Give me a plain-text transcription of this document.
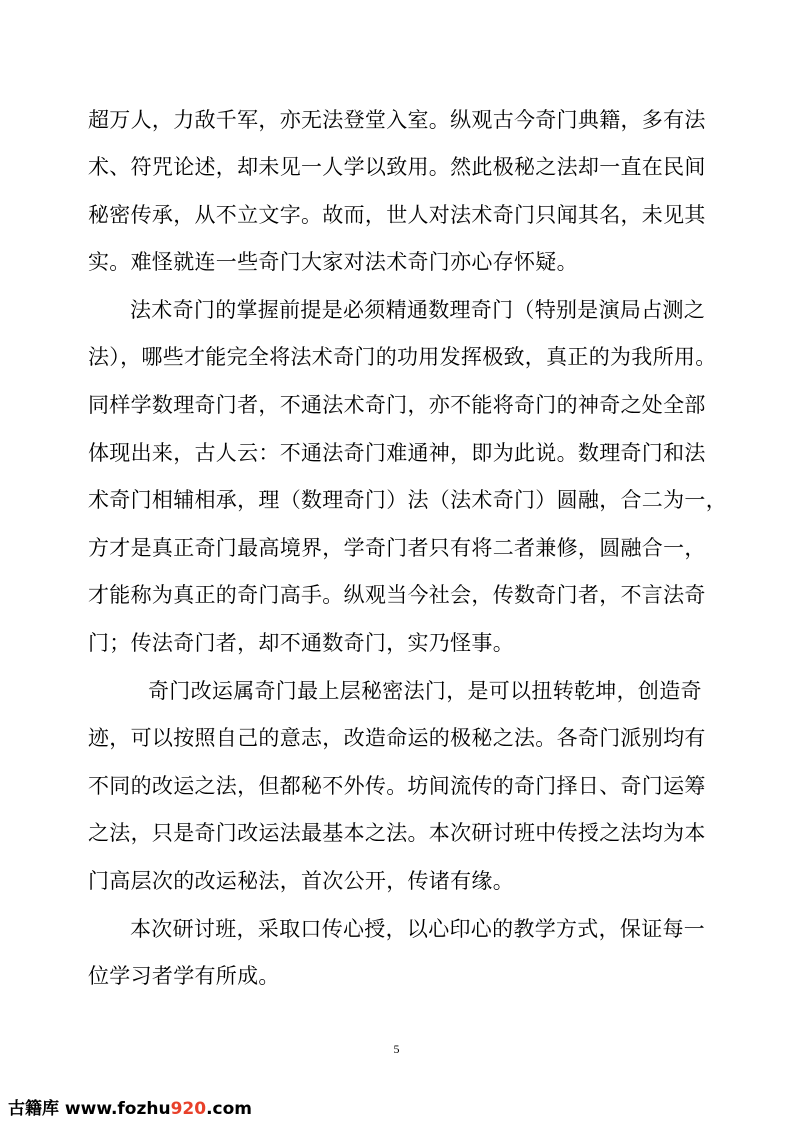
超万人，力敌千军，亦无法登堂入室。纵观古今奇门典籍，多有法
术、符咒论述，却未见一人学以致用。然此极秘之法却一直在民间
秘密传承，从不立文字。故而，世人对法术奇门只闻其名，未见其
实。难怪就连一些奇门大家对法术奇门亦心存怀疑。
法术奇门的掌握前提是必须精通数理奇门（特别是演局占测之
法），哪些才能完全将法术奇门的功用发挥极致，真正的为我所用。
同样学数理奇门者，不通法术奇门，亦不能将奇门的神奇之处全部
体现出来，古人云：不通法奇门难通神，即为此说。数理奇门和法
术奇门相辅相承，理（数理奇门）法（法术奇门）圆融，合二为一，
方才是真正奇门最高境界，学奇门者只有将二者兼修，圆融合一，
才能称为真正的奇门高手。纵观当今社会，传数奇门者，不言法奇
门；传法奇门者，却不通数奇门，实乃怪事。
奇门改运属奇门最上层秘密法门，是可以扭转乾坤，创造奇
迹，可以按照自己的意志，改造命运的极秘之法。各奇门派别均有
不同的改运之法，但都秘不外传。坊间流传的奇门择日、奇门运筹
之法，只是奇门改运法最基本之法。本次研讨班中传授之法均为本
门高层次的改运秘法，首次公开，传诸有缘。
本次研讨班，采取口传心授，以心印心的教学方式，保证每一
位学习者学有所成。
5
古籍库 www.fozhu920.com
